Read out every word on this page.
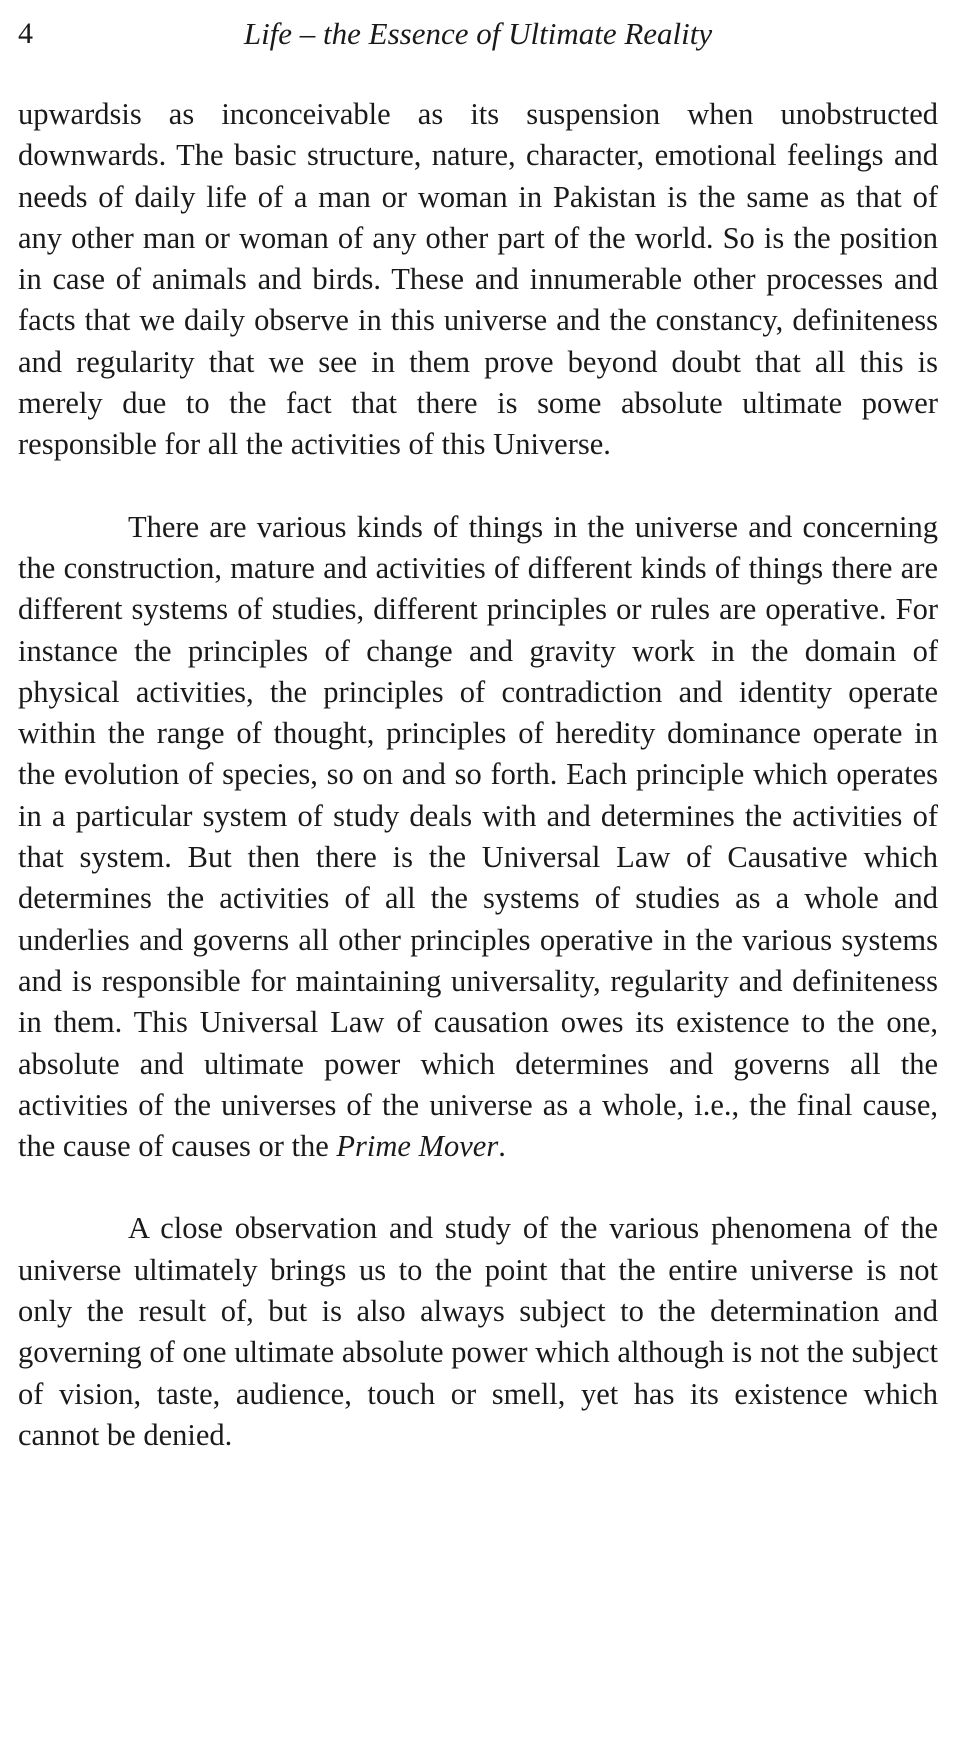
4	Life – the Essence of Ultimate Reality

upwardsis as inconceivable as its suspension when unobstructed downwards. The basic structure, nature, character, emotional feelings and needs of daily life of a man or woman in Pakistan is the same as that of any other man or woman of any other part of the world. So is the position in case of animals and birds. These and innumerable other processes and facts that we daily observe in this universe and the constancy, definiteness and regularity that we see in them prove beyond doubt that all this is merely due to the fact that there is some absolute ultimate power responsible for all the activities of this Universe.

There are various kinds of things in the universe and concerning the construction, mature and activities of different kinds of things there are different systems of studies, different principles or rules are operative. For instance the principles of change and gravity work in the domain of physical activities, the principles of contradiction and identity operate within the range of thought, principles of heredity dominance operate in the evolution of species, so on and so forth. Each principle which operates in a particular system of study deals with and determines the activities of that system. But then there is the Universal Law of Causative which determines the activities of all the systems of studies as a whole and underlies and governs all other principles operative in the various systems and is responsible for maintaining universality, regularity and definiteness in them. This Universal Law of causation owes its existence to the one, absolute and ultimate power which determines and governs all the activities of the universes of the universe as a whole, i.e., the final cause, the cause of causes or the Prime Mover.

A close observation and study of the various phenomena of the universe ultimately brings us to the point that the entire universe is not only the result of, but is also always subject to the determination and governing of one ultimate absolute power which although is not the subject of vision, taste, audience, touch or smell, yet has its existence which cannot be denied.
